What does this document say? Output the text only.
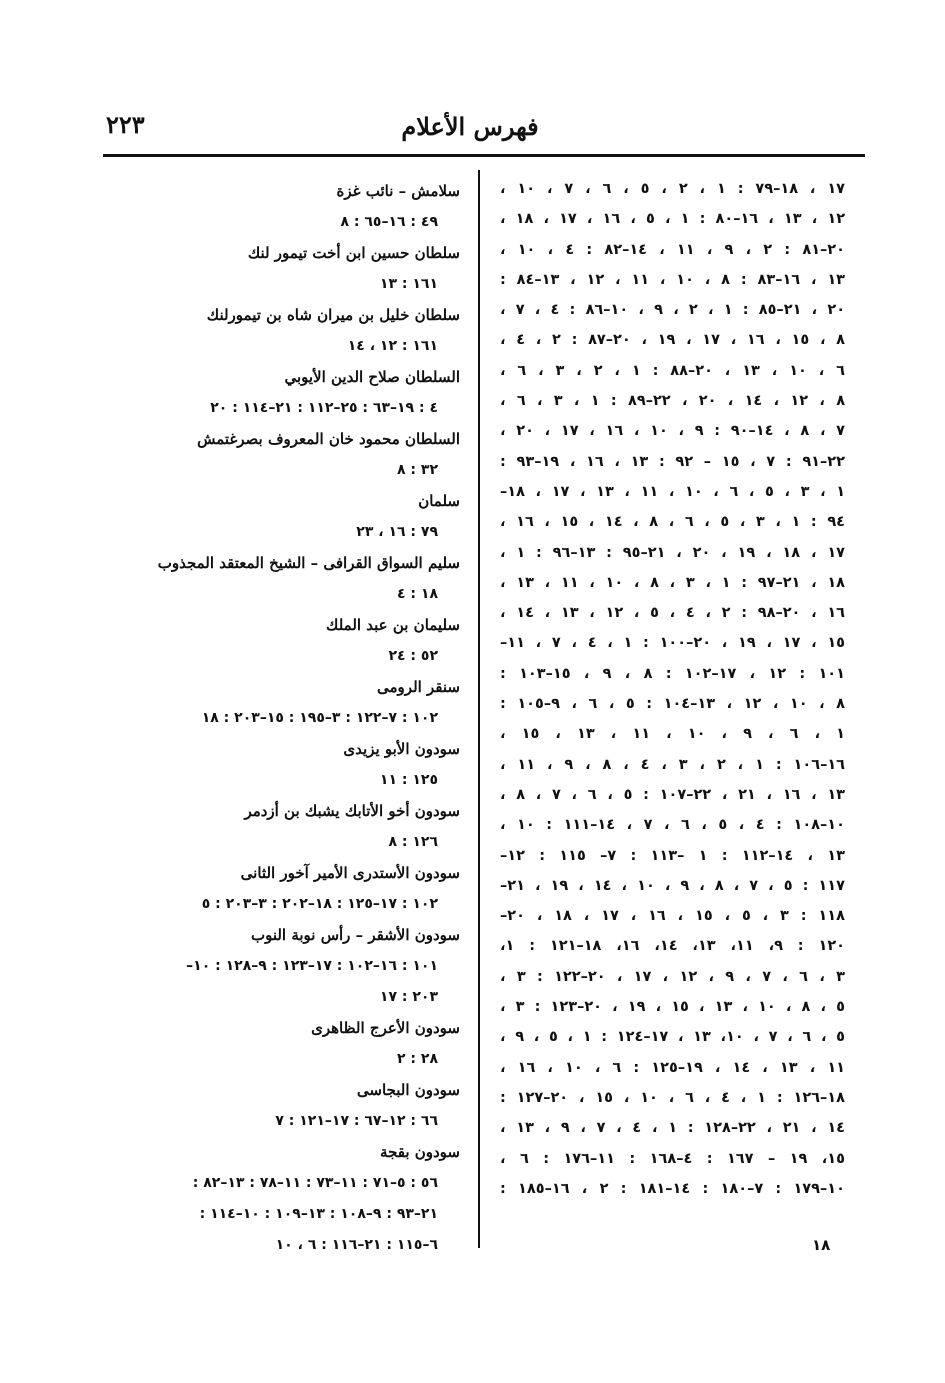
فهرس الأعلام
٢٢٣
١٧ ، ١٨–٧٩ : ١ ، ٢ ، ٥ ، ٦ ، ٧ ، ١٠ ،
١٢ ، ١٣ ، ١٦–٨٠ : ١ ، ٥ ، ١٦ ، ١٧ ، ١٨ ،
٢٠–٨١ : ٢ ، ٩ ، ١١ ، ١٤–٨٢ : ٤ ، ١٠ ،
١٣ ، ١٦–٨٣ : ٨ ، ١٠ ، ١١ ، ١٢ ، ١٣–٨٤ :
٢٠ ، ٢١–٨٥ : ١ ، ٢ ، ٩ ، ١٠–٨٦ : ٤ ، ٧ ،
٨ ، ١٥ ، ١٦ ، ١٧ ، ١٩ ، ٢٠–٨٧ : ٢ ، ٤ ،
٦ ، ١٠ ، ١٣ ، ٢٠–٨٨ : ١ ، ٢ ، ٣ ، ٦ ،
٨ ، ١٢ ، ١٤ ، ٢٠ ، ٢٢–٨٩ : ١ ، ٣ ، ٦ ،
٧ ، ٨ ، ١٤–٩٠ : ٩ ، ١٠ ، ١٦ ، ١٧ ، ٢٠ ،
٢٢–٩١ : ٧ ، ١٥ – ٩٢ : ١٣ ، ١٦ ، ١٩–٩٣ :
١ ، ٣ ، ٥ ، ٦ ، ١٠ ، ١١ ، ١٣ ، ١٧ ، ١٨–
٩٤ : ١ ، ٣ ، ٥ ، ٦ ، ٨ ، ١٤ ، ١٥ ، ١٦ ،
١٧ ، ١٨ ، ١٩ ، ٢٠ ، ٢١–٩٥ : ١٣–٩٦ : ١ ،
١٨ ، ٢١–٩٧ : ١ ، ٣ ، ٨ ، ١٠ ، ١١ ، ١٣ ،
١٦ ، ٢٠–٩٨ : ٢ ، ٤ ، ٥ ، ١٢ ، ١٣ ، ١٤ ،
١٥ ، ١٧ ، ١٩ ، ٢٠–١٠٠ : ١ ، ٤ ، ٧ ، ١١–
١٠١ : ١٢ ، ١٧–١٠٢ : ٨ ، ٩ ، ١٥–١٠٣ :
٨ ، ١٠ ، ١٢ ، ١٣–١٠٤ : ٥ ، ٦ ، ٩–١٠٥ :
١ ، ٦ ، ٩ ، ١٠ ، ١١ ، ١٣ ، ١٥ ،
١٦–١٠٦ : ١ ، ٢ ، ٣ ، ٤ ، ٨ ، ٩ ، ١١ ،
١٣ ، ١٦ ، ٢١ ، ٢٢–١٠٧ : ٥ ، ٦ ، ٧ ، ٨ ،
١٠–١٠٨ : ٤ ، ٥ ، ٦ ، ٧ ، ١٤–١١١ : ١٠ ،
١٣ ، ١٤–١١٢ : ١ –١١٣ : ٧– ١١٥ : ١٢–
١١٧ : ٥ ، ٧ ، ٨ ، ٩ ، ١٠ ، ١٤ ، ١٩ ، ٢١–
١١٨ : ٣ ، ٥ ، ١٥ ، ١٦ ، ١٧ ، ١٨ ، ٢٠–
١٢٠ : ٩، ١١، ١٣، ١٤، ١٦، ١٨–١٢١ : ١،
٣ ، ٦ ، ٧ ، ٩ ، ١٢ ، ١٧ ، ٢٠–١٢٢ : ٣ ،
٥ ، ٨ ، ١٠ ، ١٣ ، ١٥ ، ١٩ ، ٢٠–١٢٣ : ٣ ،
٥ ، ٦ ، ٧ ، ١٠، ١٣ ، ١٧–١٢٤ : ١ ، ٥ ، ٩ ،
١١ ، ١٣ ، ١٤ ، ١٩–١٢٥ : ٦ ، ١٠ ، ١٦ ،
١٨–١٢٦ : ١ ، ٤ ، ٦ ، ١٠ ، ١٥ ، ٢٠–١٢٧ :
١٤ ، ٢١ ، ٢٢–١٢٨ : ١ ، ٤ ، ٧ ، ٩ ، ١٣ ،
١٥، ١٩ – ١٦٧ : ٤–١٦٨ : ١١–١٧٦ : ٦ ،
١٠–١٧٩ : ٧–١٨٠ : ١٤–١٨١ : ٢ ، ١٦–١٨٥ :
١٨
سلامش – نائب غزة
٤٩ : ١٦–٦٥ : ٨
سلطان حسين ابن أخت تيمور لنك
١٦١ : ١٣
سلطان خليل بن ميران شاه بن تيمورلنك
١٦١ : ١٢ ، ١٤
السلطان صلاح الدين الأيوبي
٤ : ١٩–٦٣ : ٢٥–١١٢ : ٢١–١١٤ : ٢٠
السلطان محمود خان المعروف بصرغتمش
٣٢ : ٨
سلمان
٧٩ : ١٦ ، ٢٣
سليم السواق القرافى – الشيخ المعتقد المجذوب
١٨ : ٤
سليمان بن عبد الملك
٥٢ : ٢٤
سنقر الرومى
١٠٢ : ٧–١٢٢ : ٣–١٩٥ : ١٥–٢٠٣ : ١٨
سودون الأبو يزيدى
١٢٥ : ١١
سودون أخو الأتابك يشبك بن أزدمر
١٢٦ : ٨
سودون الأستدرى الأمير آخور الثانى
١٠٢ : ١٧–١٢٥ : ١٨–٢٠٢ : ٣–٢٠٣ : ٥
سودون الأشقر – رأس نوبة النوب
١٠١ : ١٦–١٠٢ : ١٧–١٢٣ : ٩–١٢٨ : ١٠–
٢٠٣ : ١٧
سودون الأعرج الظاهرى
٢٨ : ٢
سودون البجاسى
٦٦ : ١٢–٦٧ : ١٧–١٢١ : ٧
سودون بقجة
٥٦ : ٥–٧١ : ١١–٧٣ : ١١–٧٨ : ١٣–٨٢ :
٢١–٩٣ : ٩–١٠٨ : ١٣–١٠٩ : ١٠–١١٤ :
٦–١١٥ : ٢١–١١٦ : ٦ ، ١٠
